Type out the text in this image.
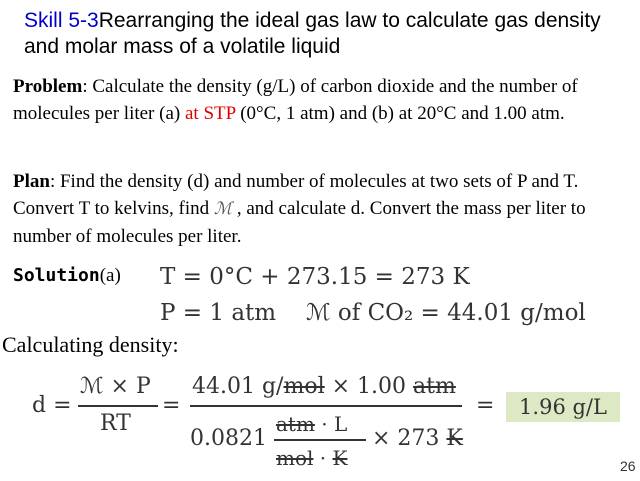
Skill 5-3Rearranging the ideal gas law to calculate gas density and molar mass of a volatile liquid
Problem: Calculate the density (g/L) of carbon dioxide and the number of molecules per liter (a) at STP (0°C, 1 atm) and (b) at 20°C and 1.00 atm.
Plan: Find the density (d) and number of molecules at two sets of P and T. Convert T to kelvins, find ℳ , and calculate d. Convert the mass per liter to number of molecules per liter.
Solution(a) T = 0°C + 273.15 = 273 K
P = 1 atm ℳ of CO₂ = 44.01 g/mol
Calculating density:
d =
ℳ × P
RT
=
44.01 g/mol × 1.00 atm
0.0821
atm · L
mol · K
× 273 K
=	1.96 g/L
26
